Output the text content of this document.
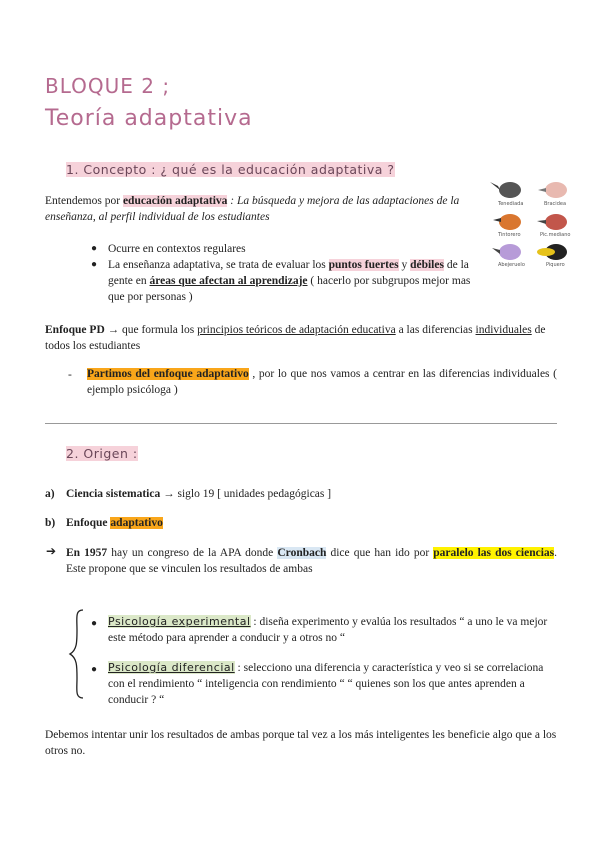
BLOQUE 2 ;
Teoría adaptativa
1. Concepto : ¿ qué es la educación adaptativa ?
Entendemos por educación adaptativa : La búsqueda y mejora de las adaptaciones de la enseñanza, al perfil individual de los estudiantes
Tenediada	Bracidea
Tintorero	Pic.mediano
Abejeruelo	Piquero
● Ocurre en contextos regulares
● La enseñanza adaptativa, se trata de evaluar los puntos fuertes y débiles de la gente en áreas que afectan al aprendizaje ( hacerlo por subgrupos mejor mas que por personas )
Enfoque PD → que formula los principios teóricos de adaptación educativa a las diferencias individuales de todos los estudiantes
- Partimos del enfoque adaptativo , por lo que nos vamos a centrar en las diferencias individuales ( ejemplo psicóloga )
2. Origen :
a) Ciencia sistematica → siglo 19 [ unidades pedagógicas ]
b) Enfoque adaptativo
➔ En 1957 hay un congreso de la APA donde Cronbach dice que han ido por paralelo las dos ciencias. Este propone que se vinculen los resultados de ambas
● Psicología experimental : diseña experimento y evalúa los resultados “ a uno le va mejor este método para aprender a conducir y a otros no “
● Psicología diferencial : selecciono una diferencia y característica y veo si se correlaciona con el rendimiento “ inteligencia con rendimiento “ “ quienes son los que antes aprenden a conducir ? “
Debemos intentar unir los resultados de ambas porque tal vez a los más inteligentes les beneficie algo que a los otros no.
